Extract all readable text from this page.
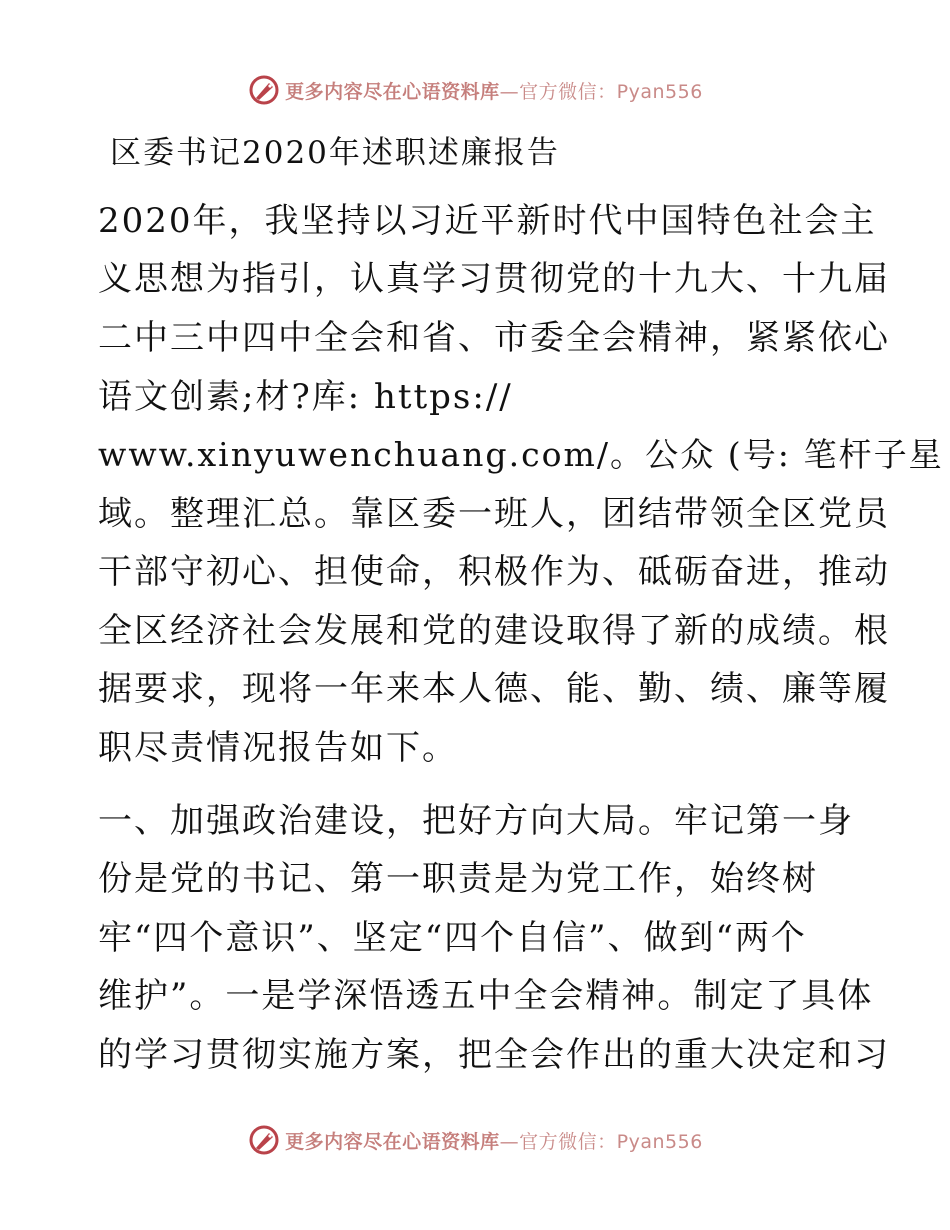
更多内容尽在心语资料库—官方微信：Pyan556
区委书记2020年述职述廉报告

2020年，我坚持以习近平新时代中国特色社会主

义思想为指引，认真学习贯彻党的十九大、十九届

二中三中四中全会和省、市委全会精神，紧紧依心

语文创素;材?库: https://

www.xinyuwenchuang.com/。公众 (号: 笔杆子星

域。整理汇总。靠区委一班人，团结带领全区党员

干部守初心、担使命，积极作为、砥砺奋进，推动

全区经济社会发展和党的建设取得了新的成绩。根

据要求，现将一年来本人德、能、勤、绩、廉等履

职尽责情况报告如下。

一、加强政治建设，把好方向大局。牢记第一身

份是党的书记、第一职责是为党工作，始终树

牢“四个意识”、坚定“四个自信”、做到“两个

维护”。一是学深悟透五中全会精神。制定了具体

的学习贯彻实施方案，把全会作出的重大决定和习

更多内容尽在心语资料库—官方微信：Pyan556
